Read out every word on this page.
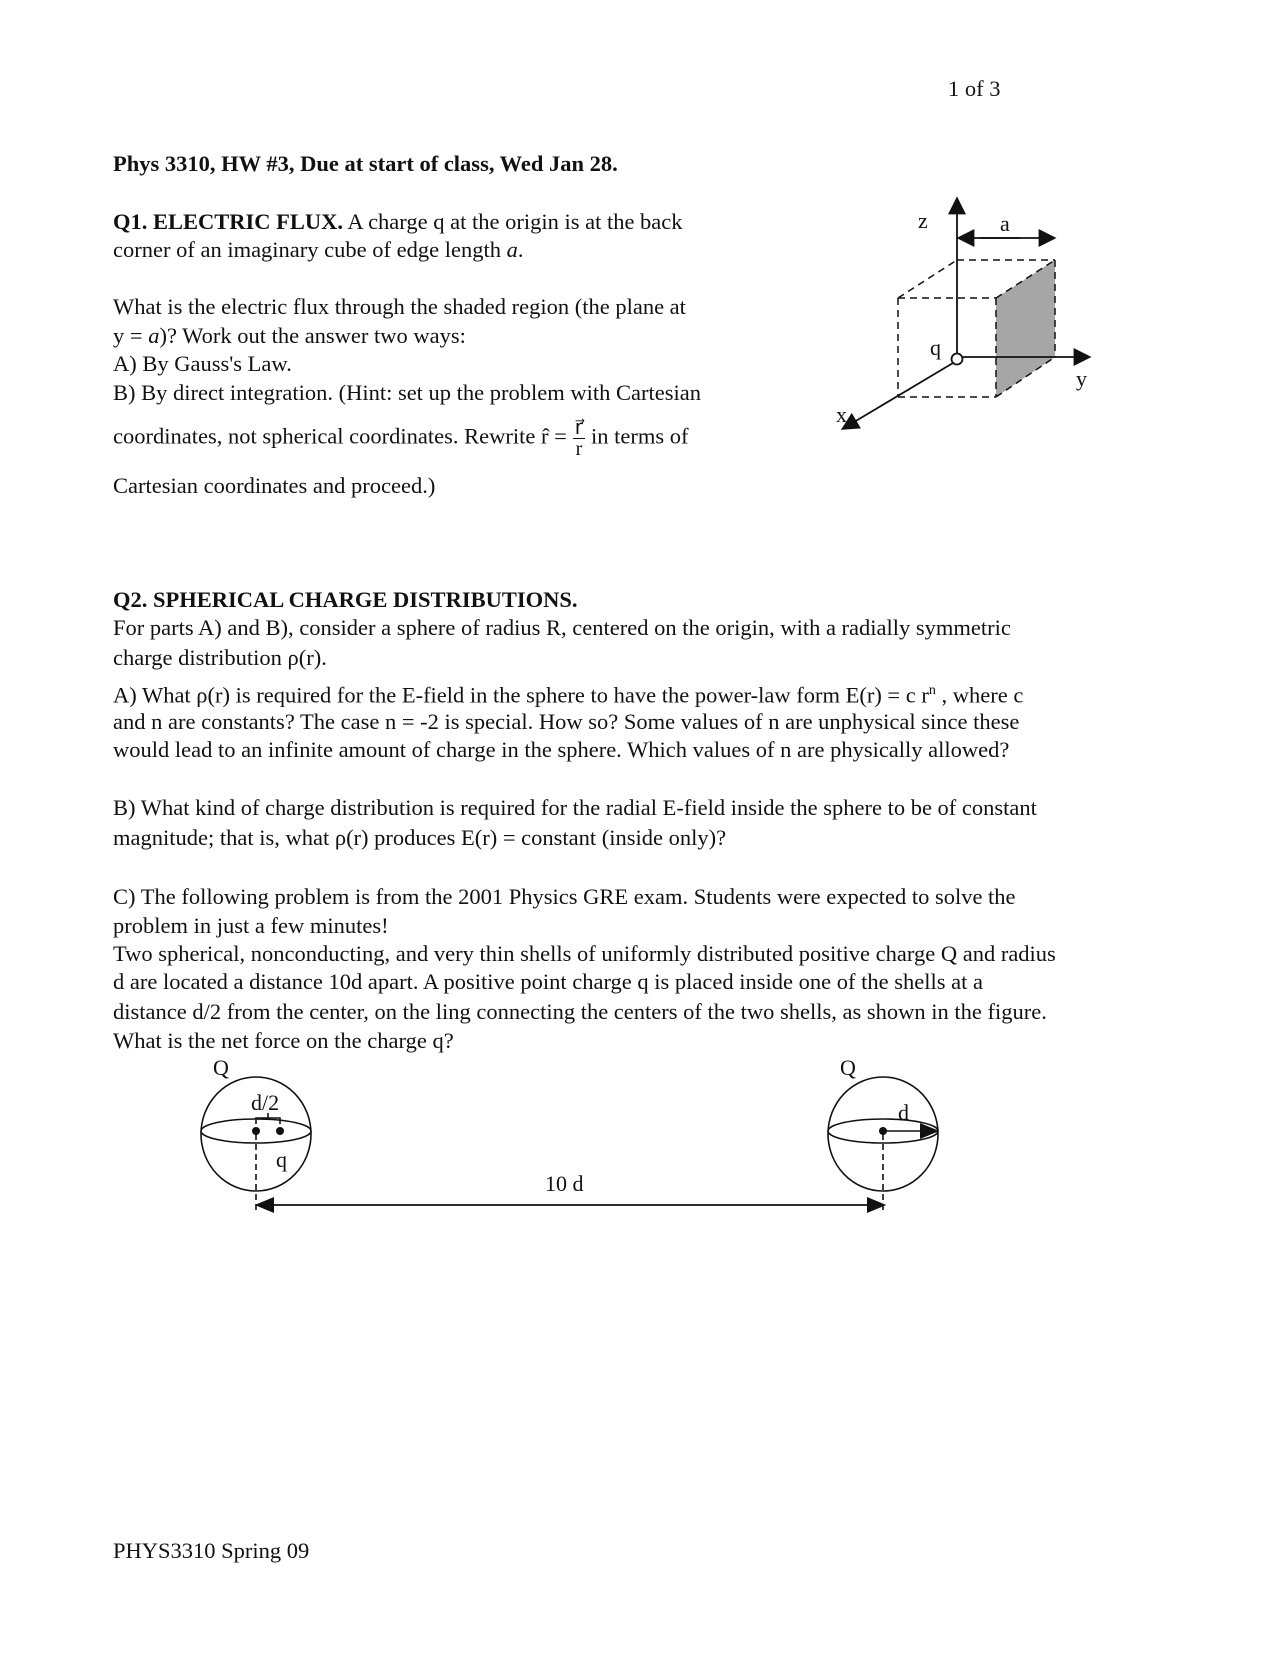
1 of 3
Phys 3310, HW #3, Due at start of class, Wed Jan 28.
Q1. ELECTRIC FLUX. A charge q at the origin is at the back
corner of an imaginary cube of edge length a.
What is the electric flux through the shaded region (the plane at
y = a)? Work out the answer two ways:
A) By Gauss's Law.
B) By direct integration. (Hint: set up the problem with Cartesian
coordinates, not spherical coordinates. Rewrite r̂ = $\frac{r⃗}{r}$ in terms of
Cartesian coordinates and proceed.)
z	a
q
y
x
Q2. SPHERICAL CHARGE DISTRIBUTIONS.
For parts A) and B), consider a sphere of radius R, centered on the origin, with a radially symmetric
charge distribution ρ(r).
A) What ρ(r) is required for the E-field in the sphere to have the power-law form E(r) = c $r^n$ , where c
and n are constants? The case n = -2 is special. How so? Some values of n are unphysical since these
would lead to an infinite amount of charge in the sphere. Which values of n are physically allowed?
B) What kind of charge distribution is required for the radial E-field inside the sphere to be of constant
magnitude; that is, what ρ(r) produces E(r) = constant (inside only)?
C) The following problem is from the 2001 Physics GRE exam. Students were expected to solve the
problem in just a few minutes!
Two spherical, nonconducting, and very thin shells of uniformly distributed positive charge Q and radius
d are located a distance 10d apart. A positive point charge q is placed inside one of the shells at a
distance d/2 from the center, on the ling connecting the centers of the two shells, as shown in the figure.
What is the net force on the charge q?
Q
d/2
q
Q
d
10 d
PHYS3310 Spring 09
